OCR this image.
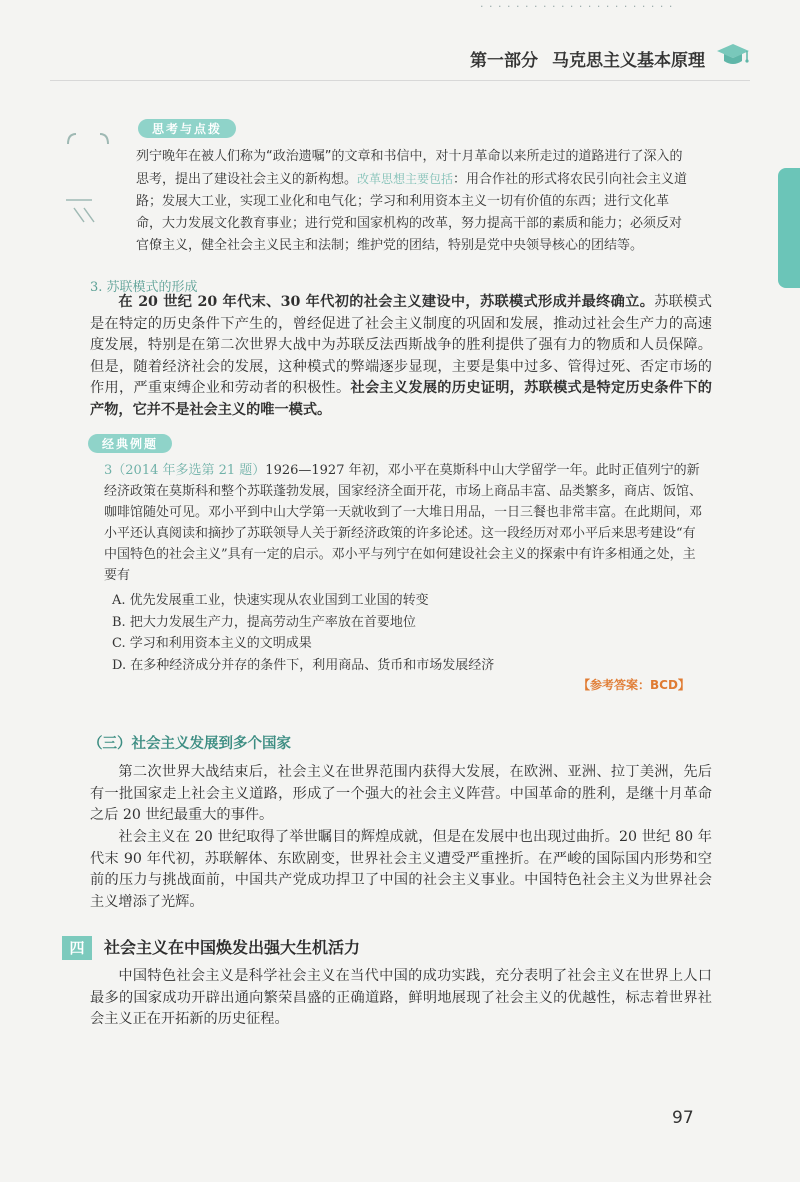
· · · · · · · · · · · · · · · · · · · · · ·
第一部分 马克思主义基本原理
思考与点拨
列宁晚年在被人们称为“政治遗嘱”的文章和书信中，对十月革命以来所走过的道路进行了深入的思考，提出了建设社会主义的新构想。改革思想主要包括：用合作社的形式将农民引向社会主义道路；发展大工业，实现工业化和电气化；学习和利用资本主义一切有价值的东西；进行文化革命，大力发展文化教育事业；进行党和国家机构的改革，努力提高干部的素质和能力；必须反对官僚主义，健全社会主义民主和法制；维护党的团结，特别是党中央领导核心的团结等。
3. 苏联模式的形成
在 20 世纪 20 年代末、30 年代初的社会主义建设中，苏联模式形成并最终确立。苏联模式是在特定的历史条件下产生的，曾经促进了社会主义制度的巩固和发展，推动过社会生产力的高速度发展，特别是在第二次世界大战中为苏联反法西斯战争的胜利提供了强有力的物质和人员保障。但是，随着经济社会的发展，这种模式的弊端逐步显现，主要是集中过多、管得过死、否定市场的作用，严重束缚企业和劳动者的积极性。社会主义发展的历史证明，苏联模式是特定历史条件下的产物，它并不是社会主义的唯一模式。
经典例题
3（2014 年多选第 21 题）1926—1927 年初，邓小平在莫斯科中山大学留学一年。此时正值列宁的新经济政策在莫斯科和整个苏联蓬勃发展，国家经济全面开花，市场上商品丰富、品类繁多，商店、饭馆、咖啡馆随处可见。邓小平到中山大学第一天就收到了一大堆日用品，一日三餐也非常丰富。在此期间，邓小平还认真阅读和摘抄了苏联领导人关于新经济政策的许多论述。这一段经历对邓小平后来思考建设“有中国特色的社会主义”具有一定的启示。邓小平与列宁在如何建设社会主义的探索中有许多相通之处，主要有
A. 优先发展重工业，快速实现从农业国到工业国的转变
B. 把大力发展生产力，提高劳动生产率放在首要地位
C. 学习和利用资本主义的文明成果
D. 在多种经济成分并存的条件下，利用商品、货币和市场发展经济
【参考答案：BCD】
（三）社会主义发展到多个国家
第二次世界大战结束后，社会主义在世界范围内获得大发展，在欧洲、亚洲、拉丁美洲，先后有一批国家走上社会主义道路，形成了一个强大的社会主义阵营。中国革命的胜利，是继十月革命之后 20 世纪最重大的事件。
社会主义在 20 世纪取得了举世瞩目的辉煌成就，但是在发展中也出现过曲折。20 世纪 80 年代末 90 年代初，苏联解体、东欧剧变，世界社会主义遭受严重挫折。在严峻的国际国内形势和空前的压力与挑战面前，中国共产党成功捍卫了中国的社会主义事业。中国特色社会主义为世界社会主义增添了光辉。
四	社会主义在中国焕发出强大生机活力
中国特色社会主义是科学社会主义在当代中国的成功实践，充分表明了社会主义在世界上人口最多的国家成功开辟出通向繁荣昌盛的正确道路，鲜明地展现了社会主义的优越性，标志着世界社会主义正在开拓新的历史征程。
97
